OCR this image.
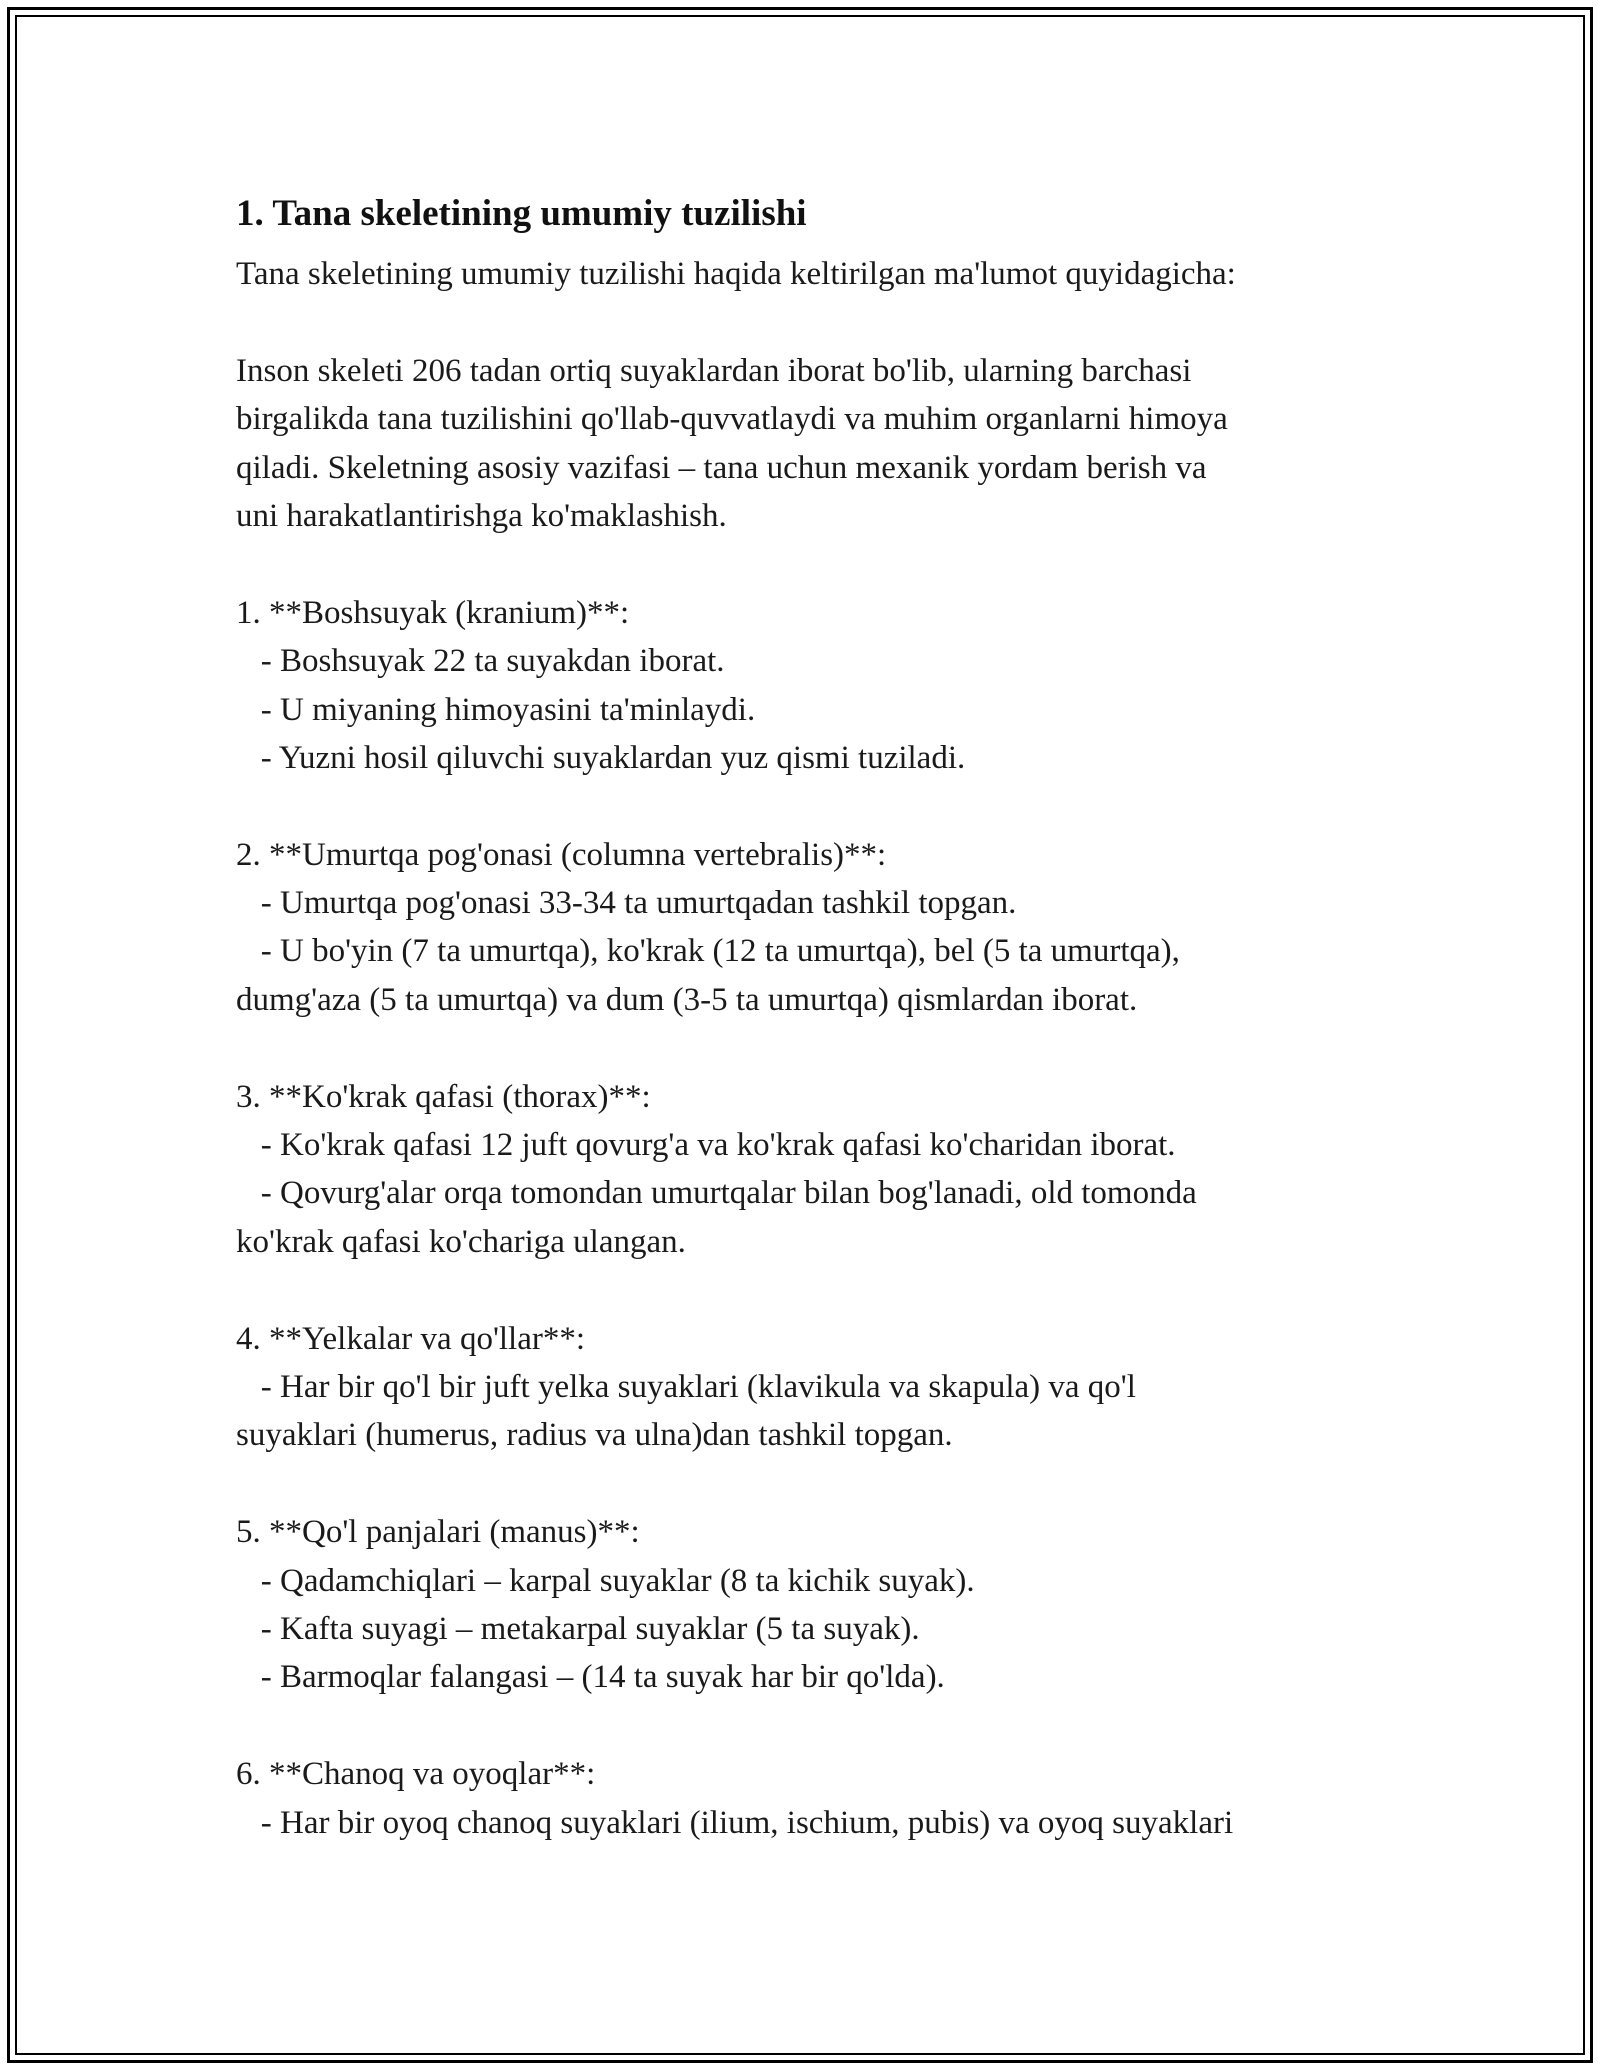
1. Tana skeletining umumiy tuzilishi
Tana skeletining umumiy tuzilishi haqida keltirilgan ma'lumot quyidagicha:
Inson skeleti 206 tadan ortiq suyaklardan iborat bo'lib, ularning barchasi
birgalikda tana tuzilishini qo'llab-quvvatlaydi va muhim organlarni himoya
qiladi. Skeletning asosiy vazifasi – tana uchun mexanik yordam berish va
uni harakatlantirishga ko'maklashish.
1. **Boshsuyak (kranium)**:
- Boshsuyak 22 ta suyakdan iborat.
- U miyaning himoyasini ta'minlaydi.
- Yuzni hosil qiluvchi suyaklardan yuz qismi tuziladi.
2. **Umurtqa pog'onasi (columna vertebralis)**:
- Umurtqa pog'onasi 33-34 ta umurtqadan tashkil topgan.
- U bo'yin (7 ta umurtqa), ko'krak (12 ta umurtqa), bel (5 ta umurtqa),
dumg'aza (5 ta umurtqa) va dum (3-5 ta umurtqa) qismlardan iborat.
3. **Ko'krak qafasi (thorax)**:
- Ko'krak qafasi 12 juft qovurg'a va ko'krak qafasi ko'charidan iborat.
- Qovurg'alar orqa tomondan umurtqalar bilan bog'lanadi, old tomonda
ko'krak qafasi ko'chariga ulangan.
4. **Yelkalar va qo'llar**:
- Har bir qo'l bir juft yelka suyaklari (klavikula va skapula) va qo'l
suyaklari (humerus, radius va ulna)dan tashkil topgan.
5. **Qo'l panjalari (manus)**:
- Qadamchiqlari – karpal suyaklar (8 ta kichik suyak).
- Kafta suyagi – metakarpal suyaklar (5 ta suyak).
- Barmoqlar falangasi – (14 ta suyak har bir qo'lda).
6. **Chanoq va oyoqlar**:
- Har bir oyoq chanoq suyaklari (ilium, ischium, pubis) va oyoq suyaklari
